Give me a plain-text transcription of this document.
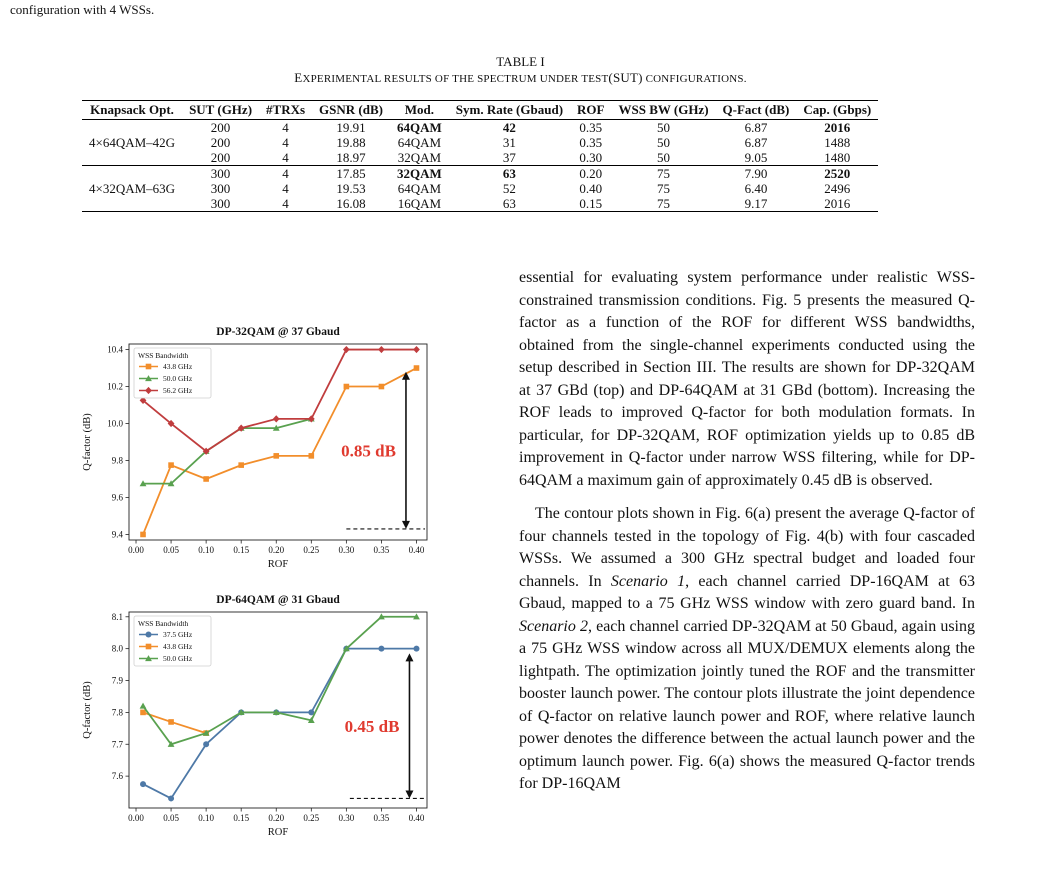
configuration with 4 WSSs.
TABLE I
EXPERIMENTAL RESULTS OF THE SPECTRUM UNDER TEST(SUT) CONFIGURATIONS.
Knapsack Opt.	SUT (GHz)	#TRXs	GSNR (dB)	Mod.	Sym. Rate (Gbaud)	ROF	WSS BW (GHz)	Q-Fact (dB)	Cap. (Gbps)
4×64QAM–42G	200	4	19.91	64QAM	42	0.35	50	6.87	2016
	200	4	19.88	64QAM	31	0.35	50	6.87	1488
	200	4	18.97	32QAM	37	0.30	50	9.05	1480
4×32QAM–63G	300	4	17.85	32QAM	63	0.20	75	7.90	2520
	300	4	19.53	64QAM	52	0.40	75	6.40	2496
	300	4	16.08	16QAM	63	0.15	75	9.17	2016
DP-32QAM @ 37 Gbaud
0.00 0.05 0.10 0.15 0.20 0.25 0.30 0.35 0.40
9.4
9.6
9.8
10.0
10.2
10.4
ROF
Q-factor (dB)	0.85 dB
WSS Bandwidth
43.8 GHz
50.0 GHz
56.2 GHz
DP-64QAM @ 31 Gbaud
0.00 0.05 0.10 0.15 0.20 0.25 0.30 0.35 0.40
7.6
7.7
7.8
7.9
8.0
8.1
ROF
Q-factor (dB)	0.45 dB
WSS Bandwidth
37.5 GHz
43.8 GHz
50.0 GHz

essential for evaluating system performance under realistic WSS-constrained transmission conditions. Fig. 5 presents the measured Q-factor as a function of the ROF for different WSS bandwidths, obtained from the single-channel experiments conducted using the setup described in Section III. The results are shown for DP-32QAM at 37 GBd (top) and DP-64QAM at 31 GBd (bottom). Increasing the ROF leads to improved Q-factor for both modulation formats. In particular, for DP-32QAM, ROF optimization yields up to 0.85 dB improvement in Q-factor under narrow WSS filtering, while for DP-64QAM a maximum gain of approximately 0.45 dB is observed.

The contour plots shown in Fig. 6(a) present the average Q-factor of four channels tested in the topology of Fig. 4(b) with four cascaded WSSs. We assumed a 300 GHz spectral budget and loaded four channels. In Scenario 1, each channel carried DP-16QAM at 63 Gbaud, mapped to a 75 GHz WSS window with zero guard band. In Scenario 2, each channel carried DP-32QAM at 50 Gbaud, again using a 75 GHz WSS window across all MUX/DEMUX elements along the lightpath. The optimization jointly tuned the ROF and the transmitter booster launch power. The contour plots illustrate the joint dependence of Q-factor on relative launch power and ROF, where relative launch power denotes the difference between the actual launch power and the optimum launch power. Fig. 6(a) shows the measured Q-factor trends for DP-16QAM
